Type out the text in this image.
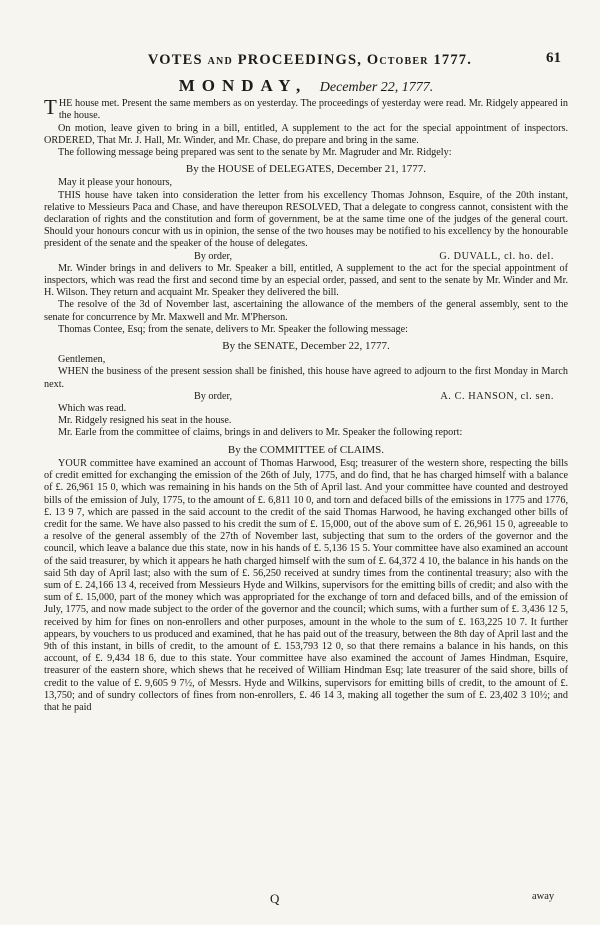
VOTES and PROCEEDINGS, October 1777.	61
MONDAY, December 22, 1777.

THE house met. Present the same members as on yesterday. The proceedings of yesterday were read. Mr. Ridgely appeared in the house.

On motion, leave given to bring in a bill, entitled, A supplement to the act for the special appointment of inspectors. ORDERED, That Mr. J. Hall, Mr. Winder, and Mr. Chase, do prepare and bring in the same.

The following message being prepared was sent to the senate by Mr. Magruder and Mr. Ridgely:

By the HOUSE of DELEGATES, December 21, 1777.

May it please your honours,

THIS house have taken into consideration the letter from his excellency Thomas Johnson, Esquire, of the 20th instant, relative to Messieurs Paca and Chase, and have thereupon RESOLVED, That a delegate to congress cannot, consistent with the declaration of rights and the constitution and form of government, be at the same time one of the judges of the general court. Should your honours concur with us in opinion, the sense of the two houses may be notified to his excellency by the honourable president of the senate and the speaker of the house of delegates.

By order,	G. DUVALL, cl. ho. del.

Mr. Winder brings in and delivers to Mr. Speaker a bill, entitled, A supplement to the act for the special appointment of inspectors, which was read the first and second time by an especial order, passed, and sent to the senate by Mr. Winder and Mr. H. Wilson. They return and acquaint Mr. Speaker they delivered the bill.

The resolve of the 3d of November last, ascertaining the allowance of the members of the general assembly, sent to the senate for concurrence by Mr. Maxwell and Mr. M'Pherson.

Thomas Contee, Esq; from the senate, delivers to Mr. Speaker the following message:

By the SENATE, December 22, 1777.

Gentlemen,

WHEN the business of the present session shall be finished, this house have agreed to adjourn to the first Monday in March next.

By order,	A. C. HANSON, cl. sen.

Which was read.

Mr. Ridgely resigned his seat in the house.

Mr. Earle from the committee of claims, brings in and delivers to Mr. Speaker the following report:

By the COMMITTEE of CLAIMS.

YOUR committee have examined an account of Thomas Harwood, Esq; treasurer of the western shore, respecting the bills of credit emitted for exchanging the emission of the 26th of July, 1775, and do find, that he has charged himself with a balance of £. 26,961 15 0, which was remaining in his hands on the 5th of April last. And your committee have counted and destroyed bills of the emission of July, 1775, to the amount of £. 6,811 10 0, and torn and defaced bills of the emissions in 1775 and 1776, £. 13 9 7, which are passed in the said account to the credit of the said Thomas Harwood, he having exchanged other bills of credit for the same. We have also passed to his credit the sum of £. 15,000, out of the above sum of £. 26,961 15 0, agreeable to a resolve of the general assembly of the 27th of November last, subjecting that sum to the orders of the governor and the council, which leave a balance due this state, now in his hands of £. 5,136 15 5. Your committee have also examined an account of the said treasurer, by which it appears he hath charged himself with the sum of £. 64,372 4 10, the balance in his hands on the said 5th day of April last; also with the sum of £. 56,250 received at sundry times from the continental treasury; also with the sum of £. 24,166 13 4, received from Messieurs Hyde and Wilkins, supervisors for the emitting bills of credit; and also with the sum of £. 15,000, part of the money which was appropriated for the exchange of torn and defaced bills, and of the emission of July, 1775, and now made subject to the order of the governor and the council; which sums, with a further sum of £. 3,436 12 5, received by him for fines on non-enrollers and other purposes, amount in the whole to the sum of £. 163,225 10 7. It further appears, by vouchers to us produced and examined, that he has paid out of the treasury, between the 8th day of April last and the 9th of this instant, in bills of credit, to the amount of £. 153,793 12 0, so that there remains a balance in his hands, on this account, of £. 9,434 18 6, due to this state. Your committee have also examined the account of James Hindman, Esquire, treasurer of the eastern shore, which shews that he received of William Hindman Esq; late treasurer of the said shore, bills of credit to the value of £. 9,605 9 7½, of Messrs. Hyde and Wilkins, supervisors for emitting bills of credit, to the amount of £. 13,750; and of sundry collectors of fines from non-enrollers, £. 46 14 3, making all together the sum of £. 23,402 3 10½; and that he paid

Q	away
